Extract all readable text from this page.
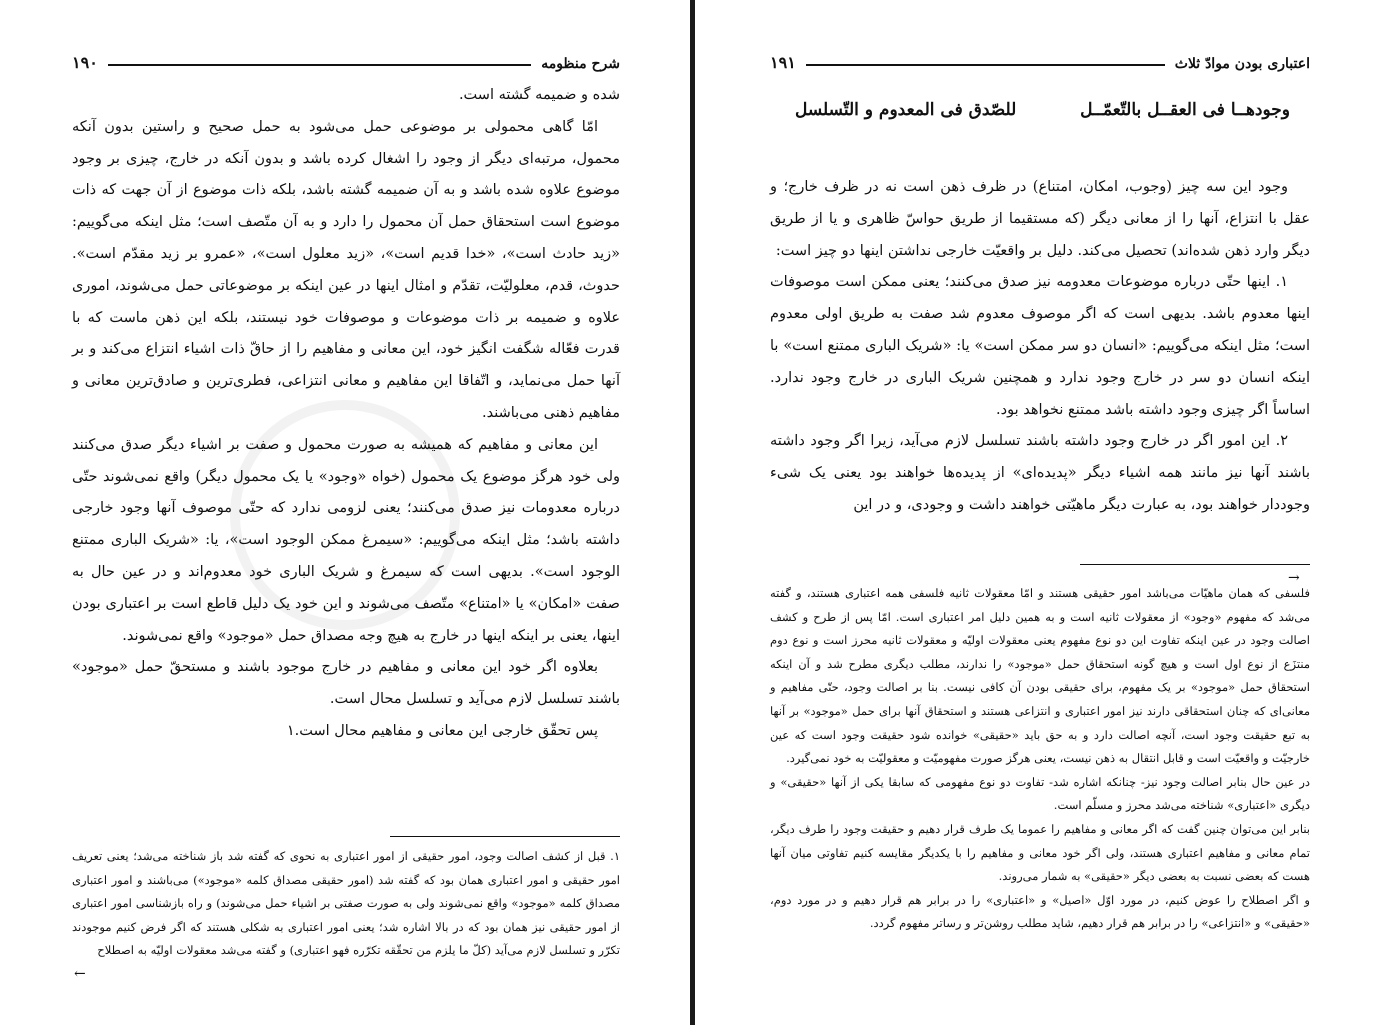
شرح منظومه
۱۹۰

شده و ضمیمه گشته است.

امّا گاهی محمولی بر موضوعی حمل می‌شود به حمل صحیح و راستین بدون آنکه محمول، مرتبه‌ای دیگر از وجود را اشغال کرده باشد و بدون آنکه در خارج، چیزی بر وجود موضوع علاوه شده باشد و به آن ضمیمه گشته باشد، بلکه ذات موضوع از آن جهت که ذات موضوع است استحقاق حمل آن محمول را دارد و به آن متّصف است؛ مثل اینکه می‌گوییم: «زید حادث است»، «خدا قدیم است»، «زید معلول است»، «عمرو بر زید مقدّم است». حدوث، قدم، معلولیّت، تقدّم و امثال اینها در عین اینکه بر موضوعاتی حمل می‌شوند، اموری علاوه و ضمیمه بر ذات موضوعات و موصوفات خود نیستند، بلکه این ذهن ماست که با قدرت فعّاله شگفت انگیز خود، این معانی و مفاهیم را از حاقّ ذات اشیاء انتزاع می‌کند و بر آنها حمل می‌نماید، و اتّفاقا این مفاهیم و معانی انتزاعی، فطری‌ترین و صادق‌ترین معانی و مفاهیم ذهنی می‌باشند.

این معانی و مفاهیم که همیشه به صورت محمول و صفت بر اشیاء دیگر صدق می‌کنند ولی خود هرگز موضوع یک محمول (خواه «وجود» یا یک محمول دیگر) واقع نمی‌شوند حتّی درباره معدومات نیز صدق می‌کنند؛ یعنی لزومی ندارد که حتّی موصوف آنها وجود خارجی داشته باشد؛ مثل اینکه می‌گوییم: «سیمرغ ممکن الوجود است»، یا: «شریک الباری ممتنع الوجود است». بدیهی است که سیمرغ و شریک الباری خود معدوم‌اند و در عین حال به صفت «امکان» یا «امتناع» متّصف می‌شوند و این خود یک دلیل قاطع است بر اعتباری بودن اینها، یعنی بر اینکه اینها در خارج به هیچ وجه مصداق حمل «موجود» واقع نمی‌شوند.

بعلاوه اگر خود این معانی و مفاهیم در خارج موجود باشند و مستحقّ حمل «موجود» باشند تسلسل لازم می‌آید و تسلسل محال است.

پس تحقّق خارجی این معانی و مفاهیم محال است.۱

۱. قبل از کشف اصالت وجود، امور حقیقی از امور اعتباری به نحوی که گفته شد باز شناخته می‌شد؛ یعنی تعریف امور حقیقی و امور اعتباری همان بود که گفته شد (امور حقیقی مصداق کلمه «موجود») می‌باشند و امور اعتباری مصداق کلمه «موجود» واقع نمی‌شوند ولی به صورت صفتی بر اشیاء حمل می‌شوند) و راه بازشناسی امور اعتباری از امور حقیقی نیز همان بود که در بالا اشاره شد؛ یعنی امور اعتباری به شکلی هستند که اگر فرض کنیم موجودند تکرّر و تسلسل لازم می‌آید (کلّ ما یلزم من تحقّقه تکرّره فهو اعتباری) و گفته می‌شد معقولات اولیّه به اصطلاح

←
اعتباری بودن موادّ ثلاث
۱۹۱
وجودهــا فی العقــل بالتّعمّــل
للصّدق فی المعدوم و التّسلسل

وجود این سه چیز (وجوب، امکان، امتناع) در ظرف ذهن است نه در ظرف خارج؛ و عقل با انتزاع، آنها را از معانی دیگر (که مستقیما از طریق حواسّ ظاهری و یا از طریق دیگر وارد ذهن شده‌اند) تحصیل می‌کند. دلیل بر واقعیّت خارجی نداشتن اینها دو چیز است:

۱. اینها حتّی درباره موضوعات معدومه نیز صدق می‌کنند؛ یعنی ممکن است موصوفات اینها معدوم باشد. بدیهی است که اگر موصوف معدوم شد صفت به طریق اولی معدوم است؛ مثل اینکه می‌گوییم: «انسان دو سر ممکن است» یا: «شریک الباری ممتنع است» با اینکه انسان دو سر در خارج وجود ندارد و همچنین شریک الباری در خارج وجود ندارد. اساساً اگر چیزی وجود داشته باشد ممتنع نخواهد بود.

۲. این امور اگر در خارج وجود داشته باشند تسلسل لازم می‌آید، زیرا اگر وجود داشته باشند آنها نیز مانند همه اشیاء دیگر «پدیده‌ای» از پدیده‌ها خواهند بود یعنی یک شیء وجوددار خواهند بود، به عبارت دیگر ماهیّتی خواهند داشت و وجودی، و در این

فلسفی که همان ماهیّات می‌باشد امور حقیقی هستند و امّا معقولات ثانیه فلسفی همه اعتباری هستند، و گفته می‌شد که مفهوم «وجود» از معقولات ثانیه است و به همین دلیل امر اعتباری است. امّا پس از طرح و کشف اصالت وجود در عین اینکه تفاوت این دو نوع مفهوم یعنی معقولات اولیّه و معقولات ثانیه محرز است و نوع دوم منتزَع از نوع اول است و هیچ گونه استحقاق حمل «موجود» را ندارند، مطلب دیگری مطرح شد و آن اینکه استحقاق حمل «موجود» بر یک مفهوم، برای حقیقی بودن آن کافی نیست. بنا بر اصالت وجود، حتّی مفاهیم و معانی‌ای که چنان استحقاقی دارند نیز امور اعتباری و انتزاعی هستند و استحقاق آنها برای حمل «موجود» بر آنها به تبع حقیقت وجود است، آنچه اصالت دارد و به حق باید «حقیقی» خوانده شود حقیقت وجود است که عین خارجیّت و واقعیّت است و قابل انتقال به ذهن نیست، یعنی هرگز صورت مفهومیّت و معقولیّت به خود نمی‌گیرد.

در عین حال بنابر اصالت وجود نیز- چنانکه اشاره شد- تفاوت دو نوع مفهومی که سابقا یکی از آنها «حقیقی» و دیگری «اعتباری» شناخته می‌شد محرز و مسلّم است.

بنابر این می‌توان چنین گفت که اگر معانی و مفاهیم را عموما یک طرف قرار دهیم و حقیقت وجود را طرف دیگر، تمام معانی و مفاهیم اعتباری هستند، ولی اگر خود معانی و مفاهیم را با یکدیگر مقایسه کنیم تفاوتی میان آنها هست که بعضی نسبت به بعضی دیگر «حقیقی» به شمار می‌روند.

و اگر اصطلاح را عوض کنیم، در مورد اوّل «اصیل» و «اعتباری» را در برابر هم قرار دهیم و در مورد دوم، «حقیقی» و «انتزاعی» را در برابر هم قرار دهیم، شاید مطلب روشن‌تر و رساتر مفهوم گردد.

→
